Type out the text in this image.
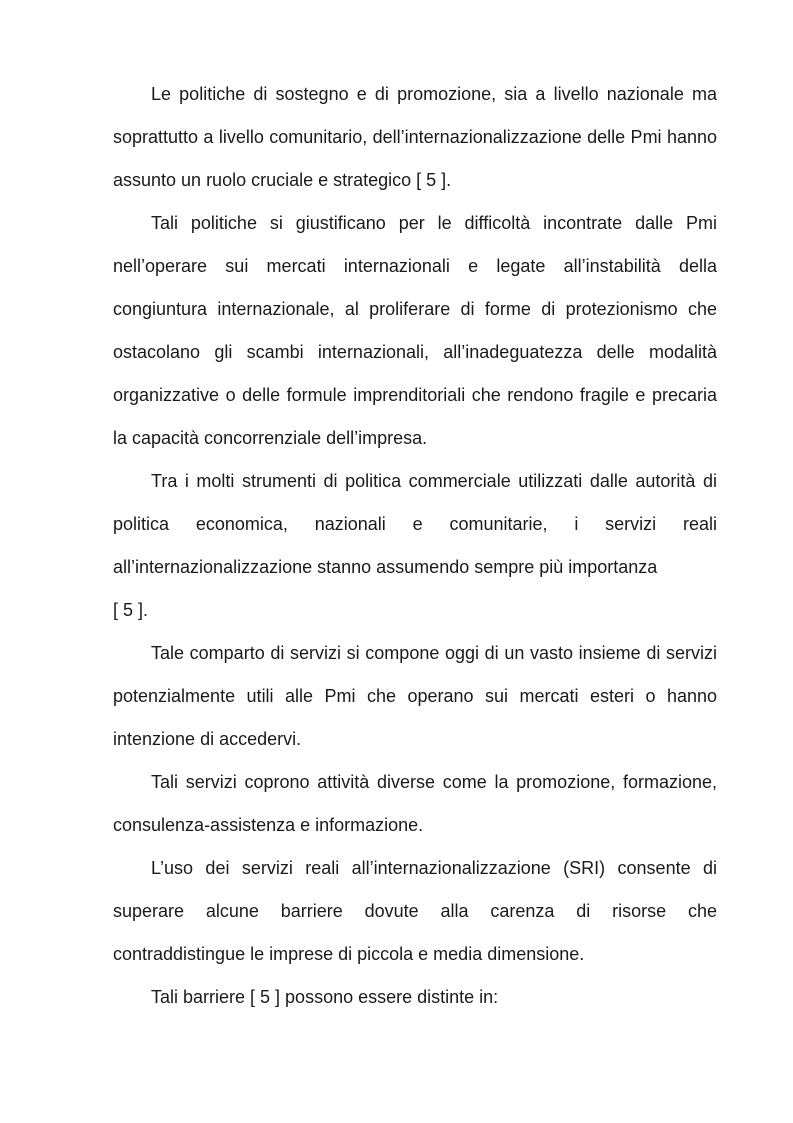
Le politiche di sostegno e di promozione, sia a livello nazionale ma soprattutto a livello comunitario, dell’internazionalizzazione delle Pmi hanno assunto un ruolo cruciale e strategico [ 5 ].

Tali politiche si giustificano per le difficoltà incontrate dalle Pmi nell’operare sui mercati internazionali e legate all’instabilità della congiuntura internazionale, al proliferare di forme di protezionismo che ostacolano gli scambi internazionali, all’inadeguatezza delle modalità organizzative o delle formule imprenditoriali che rendono fragile e precaria la capacità concorrenziale dell’impresa.

Tra i molti strumenti di politica commerciale utilizzati dalle autorità di politica economica, nazionali e comunitarie, i servizi reali all’internazionalizzazione stanno assumendo sempre più importanza

[ 5 ].

Tale comparto di servizi si compone oggi di un vasto insieme di servizi potenzialmente utili alle Pmi che operano sui mercati esteri o hanno intenzione di accedervi.

Tali servizi coprono attività diverse come la promozione, formazione, consulenza-assistenza e informazione.

L’uso dei servizi reali all’internazionalizzazione (SRI) consente di superare alcune barriere dovute alla carenza di risorse che contraddistingue le imprese di piccola e media dimensione.

Tali barriere [ 5 ] possono essere distinte in:
